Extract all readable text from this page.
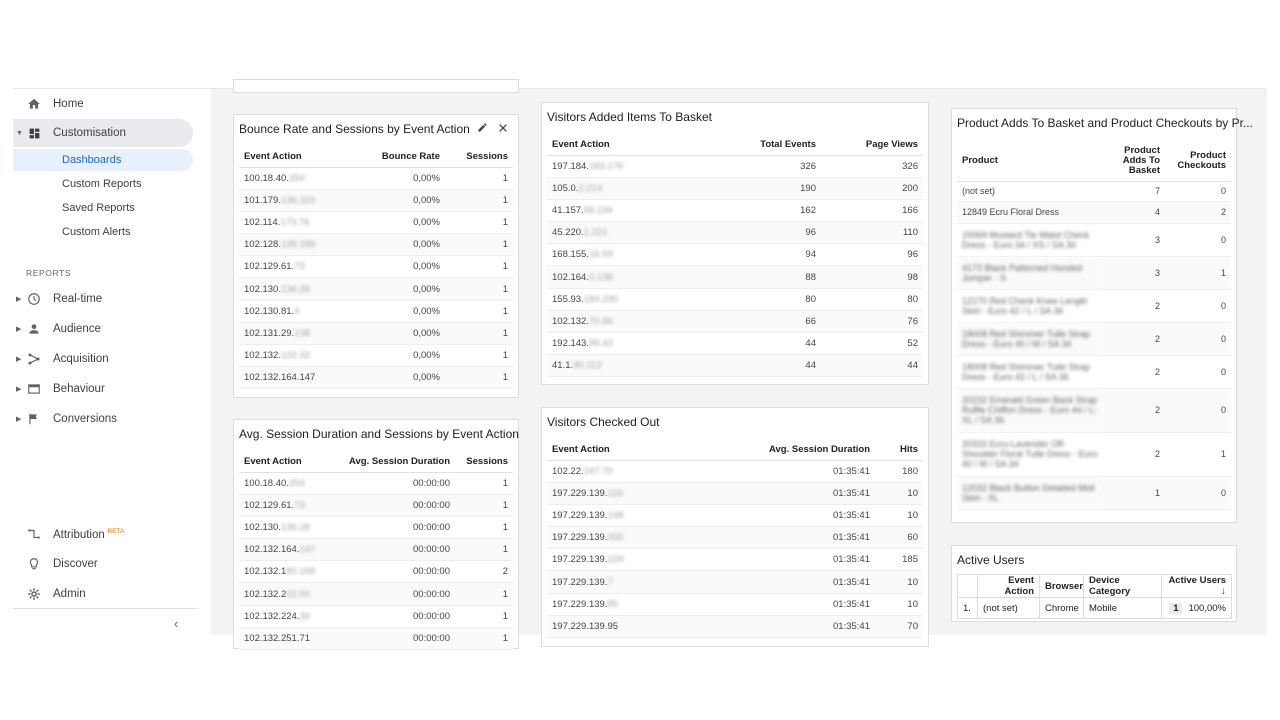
Home
▼	Customisation
Dashboards
Custom Reports
Saved Reports
Custom Alerts
REPORTS
▶	Real-time
▶	Audience
▶	Acquisition
▶	Behaviour
▶	Conversions
Attribution $^{BETA}$
Discover
Admin
‹
Bounce Rate and Sessions by Event Action
Event Action	Bounce Rate	Sessions
100.18.40.254	0,00%	1
101.179.136.119	0,00%	1
102.114.173.76	0,00%	1
102.128.139.189	0,00%	1
102.129.61.73	0,00%	1
102.130.136.26	0,00%	1
102.130.81.4	0,00%	1
102.131.29.138	0,00%	1
102.132.132.32	0,00%	1
102.132.164.147	0,00%	1
Avg. Session Duration and Sessions by Event Action
Event Action	Avg. Session Duration	Sessions
100.18.40.254	00:00:00	1
102.129.61.73	00:00:00	1
102.130.136.26	00:00:00	1
102.132.164.147	00:00:00	1
102.132.180.169	00:00:00	2
102.132.202.50	00:00:00	1
102.132.224.30	00:00:00	1
102.132.251.71	00:00:00	1
Visitors Added Items To Basket
Event Action	Total Events	Page Views
197.184.183.176	326	326
105.0.2.214	190	200
41.157.68.194	162	166
45.220.1.221	96	110
168.155.16.59	94	96
102.164.0.138	88	98
155.93.184.230	80	80
102.132.70.66	66	76
192.143.99.43	44	52
41.1.90.113	44	44
Visitors Checked Out
Event Action	Avg. Session Duration	Hits
102.22.247.70	01:35:41	180
197.229.139.116	01:35:41	10
197.229.139.148	01:35:41	10
197.229.139.200	01:35:41	60
197.229.139.229	01:35:41	185
197.229.139.7	01:35:41	10
197.229.139.85	01:35:41	10
197.229.139.95	01:35:41	70
Product Adds To Basket and Product Checkouts by Pr...
Product	Product Adds To Basket	Product Checkouts
(not set)	7	0
12849 Ecru Floral Dress	4	2
15069 Mustard Tie Waist Check Dress - Euro 34 / XS / SA 30	3	0
4173 Black Patterned Hooded Jumper - S	3	1
12170 Red Check Knee Length Skirt - Euro 42 / L / SA 36	2	0
18008 Red Shimmer Tulle Strap Dress - Euro 40 / M / SA 34	2	0
18008 Red Shimmer Tulle Strap Dress - Euro 42 / L / SA 36	2	0
20232 Emerald Green Back Strap Ruffle Chiffon Dress - Euro 44 / L-XL / SA 36	2	0
20333 Ecru-Lavender Off-Shoulder Floral Tulle Dress - Euro 40 / M / SA 34	2	1
12032 Black Button Detailed Midi Skirt - XL	1	0
Active Users
	Event Action	Browser	Device Category	Active Users ↓
1.	(not set)	Chrome	Mobile	1 100,00%
